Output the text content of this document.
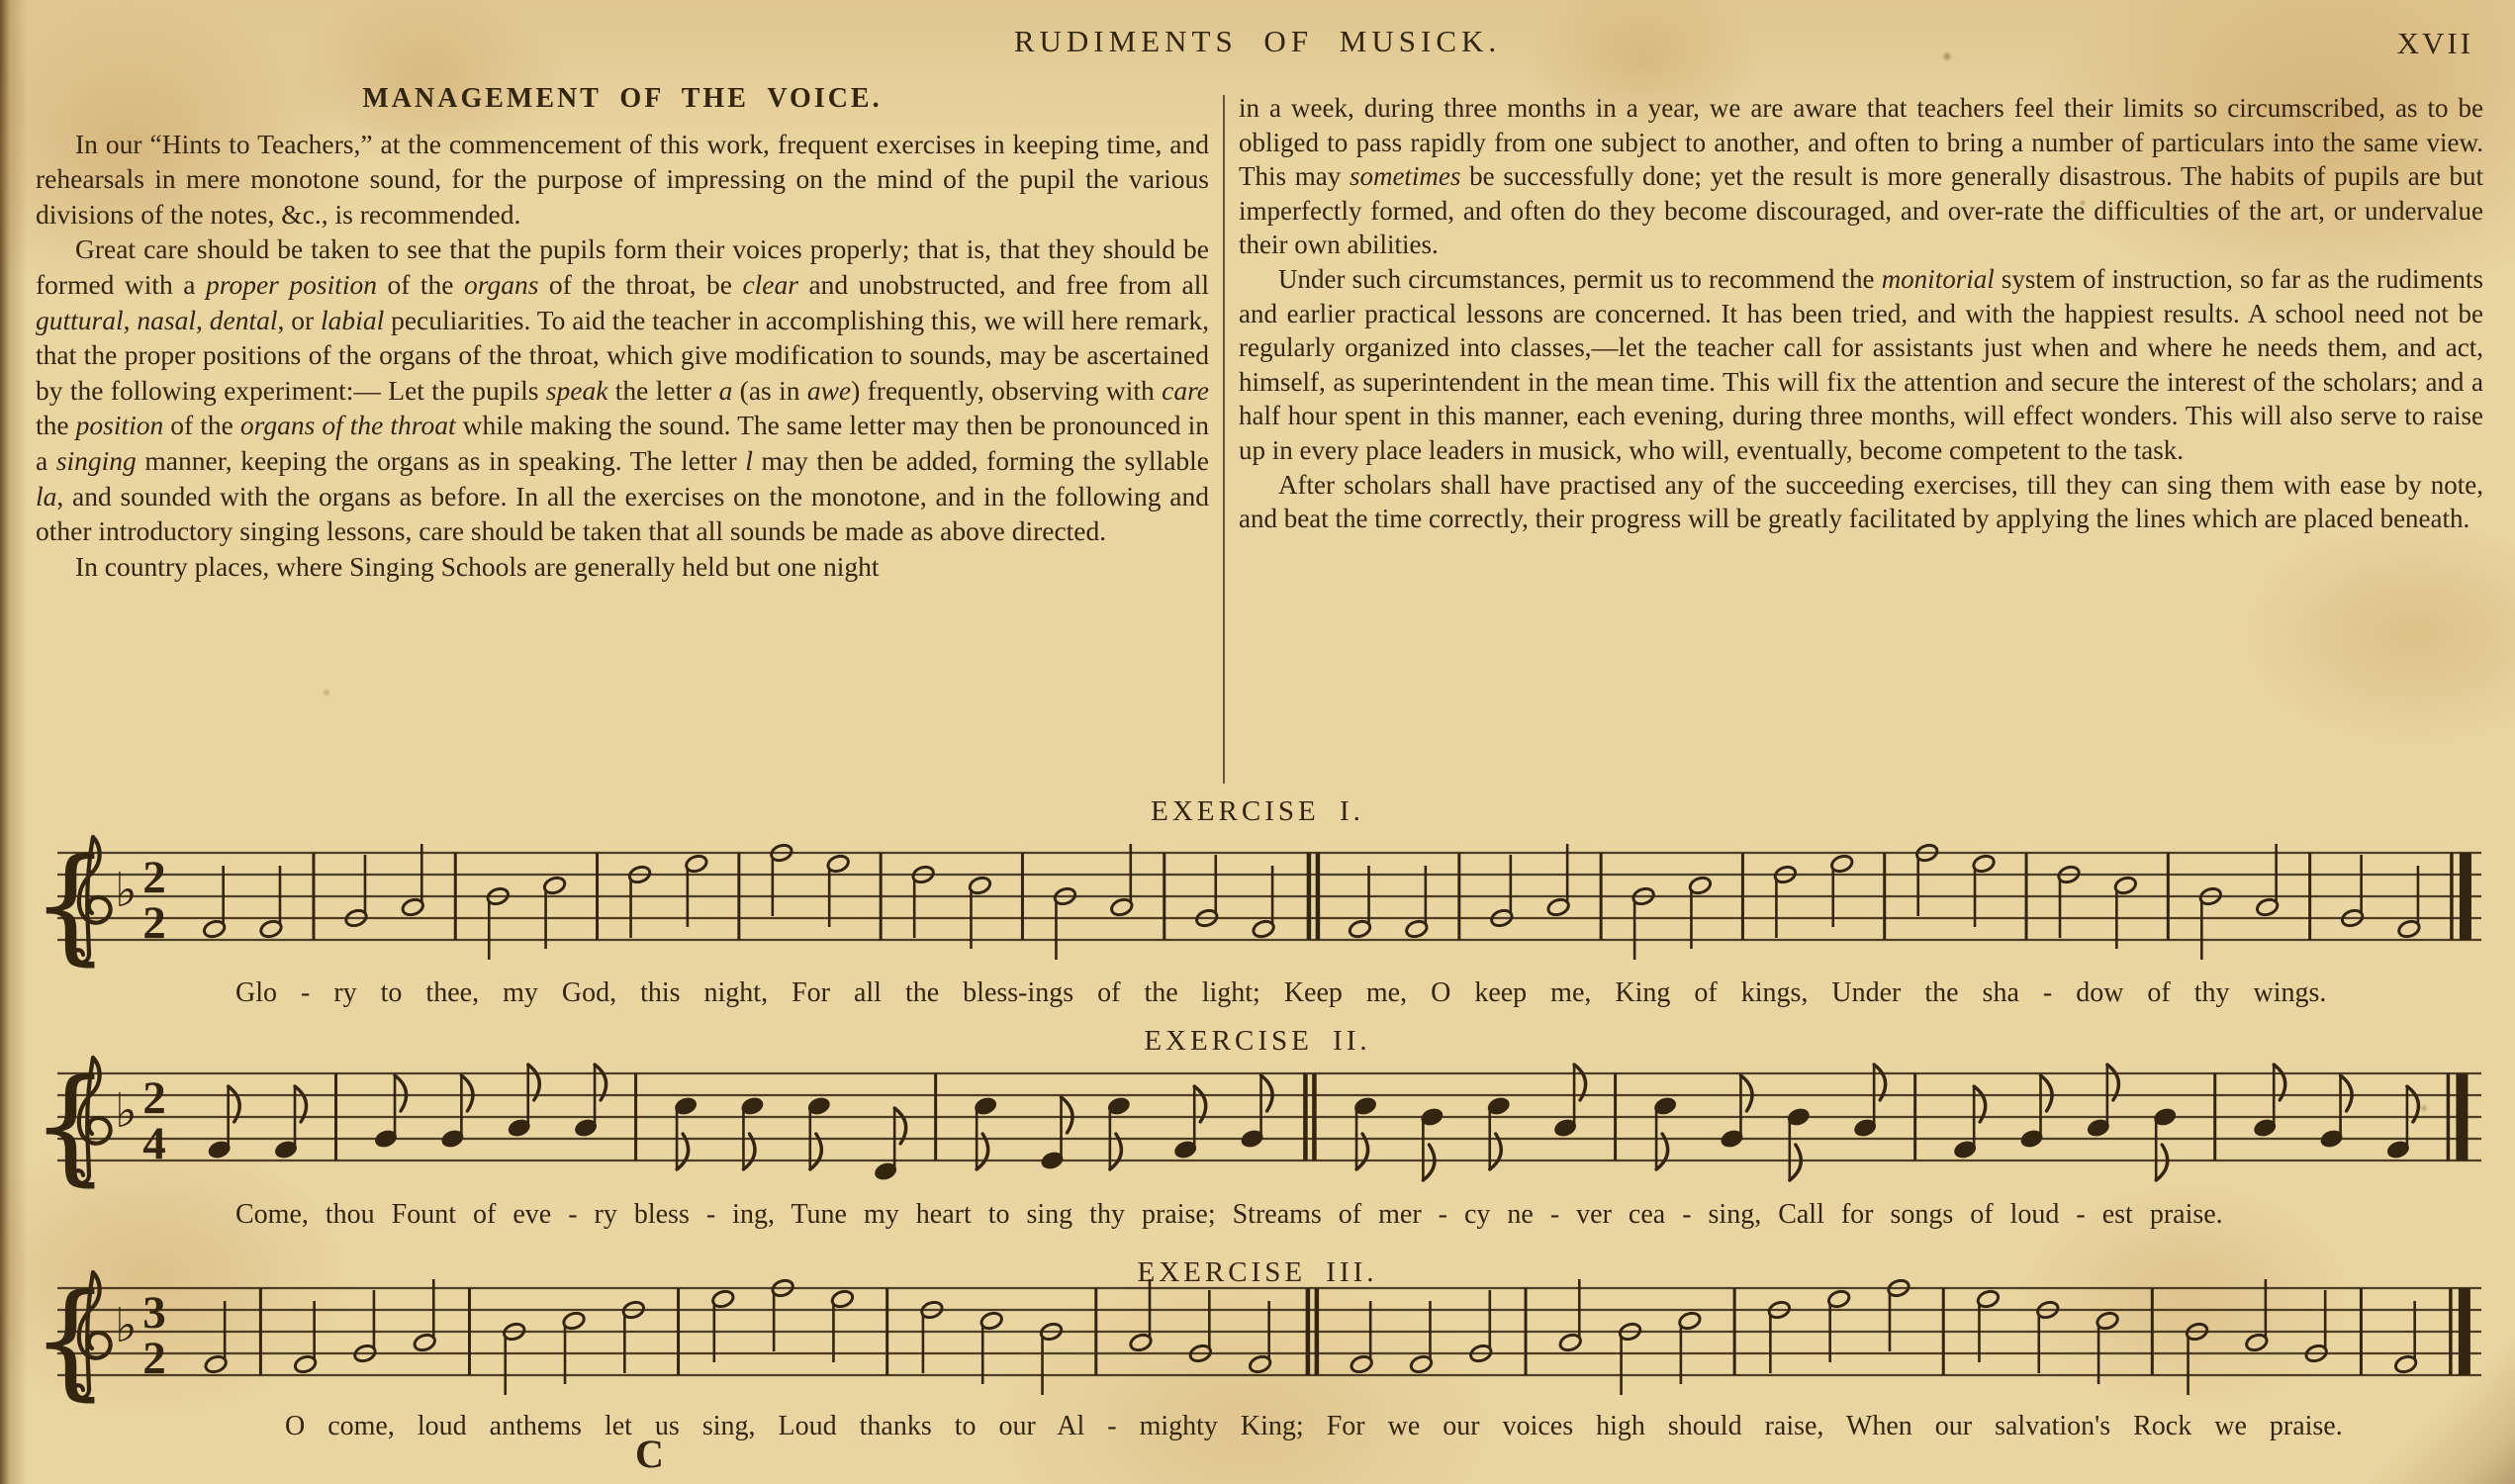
RUDIMENTS OF MUSICK.	XVII
MANAGEMENT OF THE VOICE.

In our “Hints to Teachers,” at the commencement of this work, frequent exercises in keeping time, and rehearsals in mere monotone sound, for the purpose of impressing on the mind of the pupil the various divisions of the notes, &c., is recommended.

Great care should be taken to see that the pupils form their voices properly; that is, that they should be formed with a proper position of the organs of the throat, be clear and unobstructed, and free from all guttural, nasal, dental, or labial peculiarities. To aid the teacher in accomplishing this, we will here remark, that the proper positions of the organs of the throat, which give modification to sounds, may be ascertained by the following experiment:— Let the pupils speak the letter a (as in awe) frequently, observing with care the position of the organs of the throat while making the sound. The same letter may then be pronounced in a singing manner, keeping the organs as in speaking. The letter l may then be added, forming the syllable la, and sounded with the organs as before. In all the exercises on the monotone, and in the following and other introductory singing lessons, care should be taken that all sounds be made as above directed.

In country places, where Singing Schools are generally held but one night

in a week, during three months in a year, we are aware that teachers feel their limits so circumscribed, as to be obliged to pass rapidly from one subject to another, and often to bring a number of particulars into the same view. This may sometimes be successfully done; yet the result is more generally disastrous. The habits of pupils are but imperfectly formed, and often do they become discouraged, and over-rate the difficulties of the art, or undervalue their own abilities.

Under such circumstances, permit us to recommend the monitorial system of instruction, so far as the rudiments and earlier practical lessons are concerned. It has been tried, and with the happiest results. A school need not be regularly organized into classes,—let the teacher call for assistants just when and where he needs them, and act, himself, as superintendent in the mean time. This will fix the attention and secure the interest of the scholars; and a half hour spent in this manner, each evening, during three months, will effect wonders. This will also serve to raise up in every place leaders in musick, who will, eventually, become competent to the task.

After scholars shall have practised any of the succeeding exercises, till they can sing them with ease by note, and beat the time correctly, their progress will be greatly facilitated by applying the lines which are placed beneath.

EXERCISE I.
{ ♭ 2
2
Glo - ry to thee, my God, this night, For all the bless-ings of the light; Keep me, O keep me, King of kings, Under the sha - dow of thy wings.
EXERCISE II.
{ ♭ 2
4
Come, thou Fount of eve - ry bless - ing, Tune my heart to sing thy praise; Streams of mer - cy ne - ver cea - sing, Call for songs of loud - est praise.
EXERCISE III.
{ ♭ 3
2
O come, loud anthems let us sing, Loud thanks to our Al - mighty King; For we our voices high should raise, When our salvation's Rock we praise.
C
